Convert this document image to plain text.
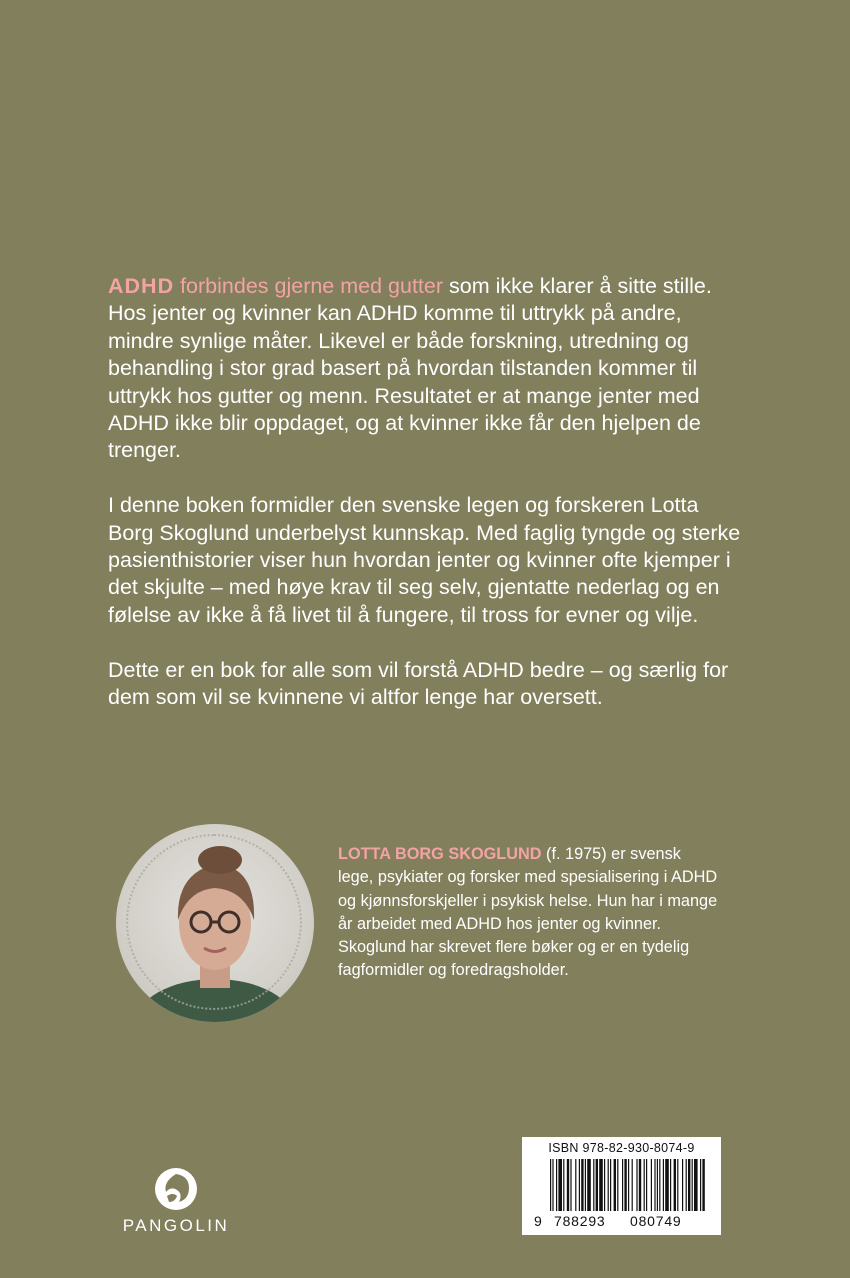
ADHD forbindes gjerne med gutter som ikke klarer å sitte stille. Hos jenter og kvinner kan ADHD komme til uttrykk på andre, mindre synlige måter. Likevel er både forskning, utredning og behandling i stor grad basert på hvordan tilstanden kommer til uttrykk hos gutter og menn. Resultatet er at mange jenter med ADHD ikke blir oppdaget, og at kvinner ikke får den hjelpen de trenger.

I denne boken formidler den svenske legen og forskeren Lotta Borg Skoglund underbelyst kunnskap. Med faglig tyngde og sterke pasienthistorier viser hun hvordan jenter og kvinner ofte kjemper i det skjulte – med høye krav til seg selv, gjentatte nederlag og en følelse av ikke å få livet til å fungere, til tross for evner og vilje.

Dette er en bok for alle som vil forstå ADHD bedre – og særlig for dem som vil se kvinnene vi altfor lenge har oversett.

LOTTA BORG SKOGLUND (f. 1975) er svensk lege, psykiater og forsker med spesialisering i ADHD og kjønnsforskjeller i psykisk helse. Hun har i mange år arbeidet med ADHD hos jenter og kvinner. Skoglund har skrevet flere bøker og er en tydelig fagformidler og foredragsholder.
PANGOLIN
ISBN 978-82-930-8074-9
9 788293	080749
